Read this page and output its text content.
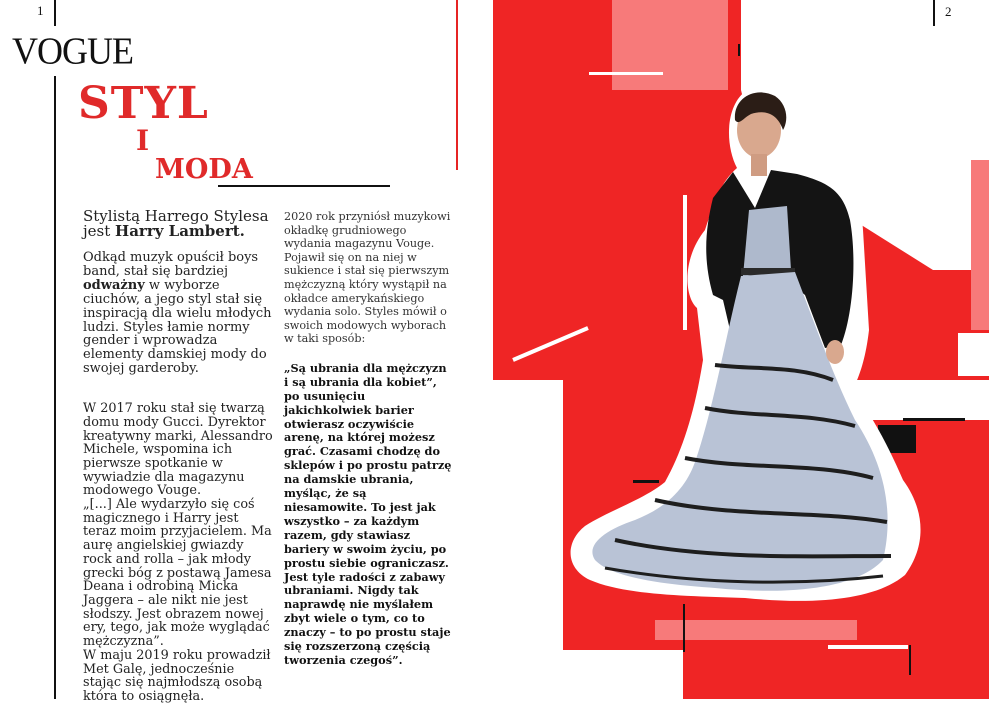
1
VOGUE
STYL
I
MODA

Stylistą Harrego Stylesa jest Harry Lambert.

Odkąd muzyk opuścił boys band, stał się bardziej odważny w wyborze ciuchów, a jego styl stał się inspiracją dla wielu młodych ludzi. Styles łamie normy gender i wprowadza elementy damskiej mody do swojej garderoby.

W 2017 roku stał się twarzą domu mody Gucci. Dyrektor kreatywny marki, Alessandro Michele, wspomina ich pierwsze spotkanie w wywiadzie dla magazynu modowego Vouge.

„[...] Ale wydarzyło się coś magicznego i Harry jest teraz moim przyjacielem. Ma aurę angielskiej gwiazdy rock and rolla – jak młody grecki bóg z postawą Jamesa Deana i odrobiną Micka Jaggera – ale nikt nie jest słodszy. Jest obrazem nowej ery, tego, jak może wyglądać mężczyzna”.

W maju 2019 roku prowadził Met Galę, jednocześnie stając się najmłodszą osobą która to osiągnęła.

2020 rok przyniósł muzykowi okładkę grudniowego wydania magazynu Vouge. Pojawił się on na niej w sukience i stał się pierwszym mężczyzną który wystąpił na okładce amerykańskiego wydania solo. Styles mówił o swoich modowych wyborach w taki sposób:

„Są ubrania dla mężczyzn i są ubrania dla kobiet”, po usunięciu jakichkolwiek barier otwierasz oczywiście arenę, na której możesz grać. Czasami chodzę do sklepów i po prostu patrzę na damskie ubrania, myśląc, że są niesamowite. To jest jak wszystko – za każdym razem, gdy stawiasz bariery w swoim życiu, po prostu siebie ograniczasz. Jest tyle radości z zabawy ubraniami. Nigdy tak naprawdę nie myślałem zbyt wiele o tym, co to znaczy – to po prostu staje się rozszerzoną częścią tworzenia czegoś”.

2
